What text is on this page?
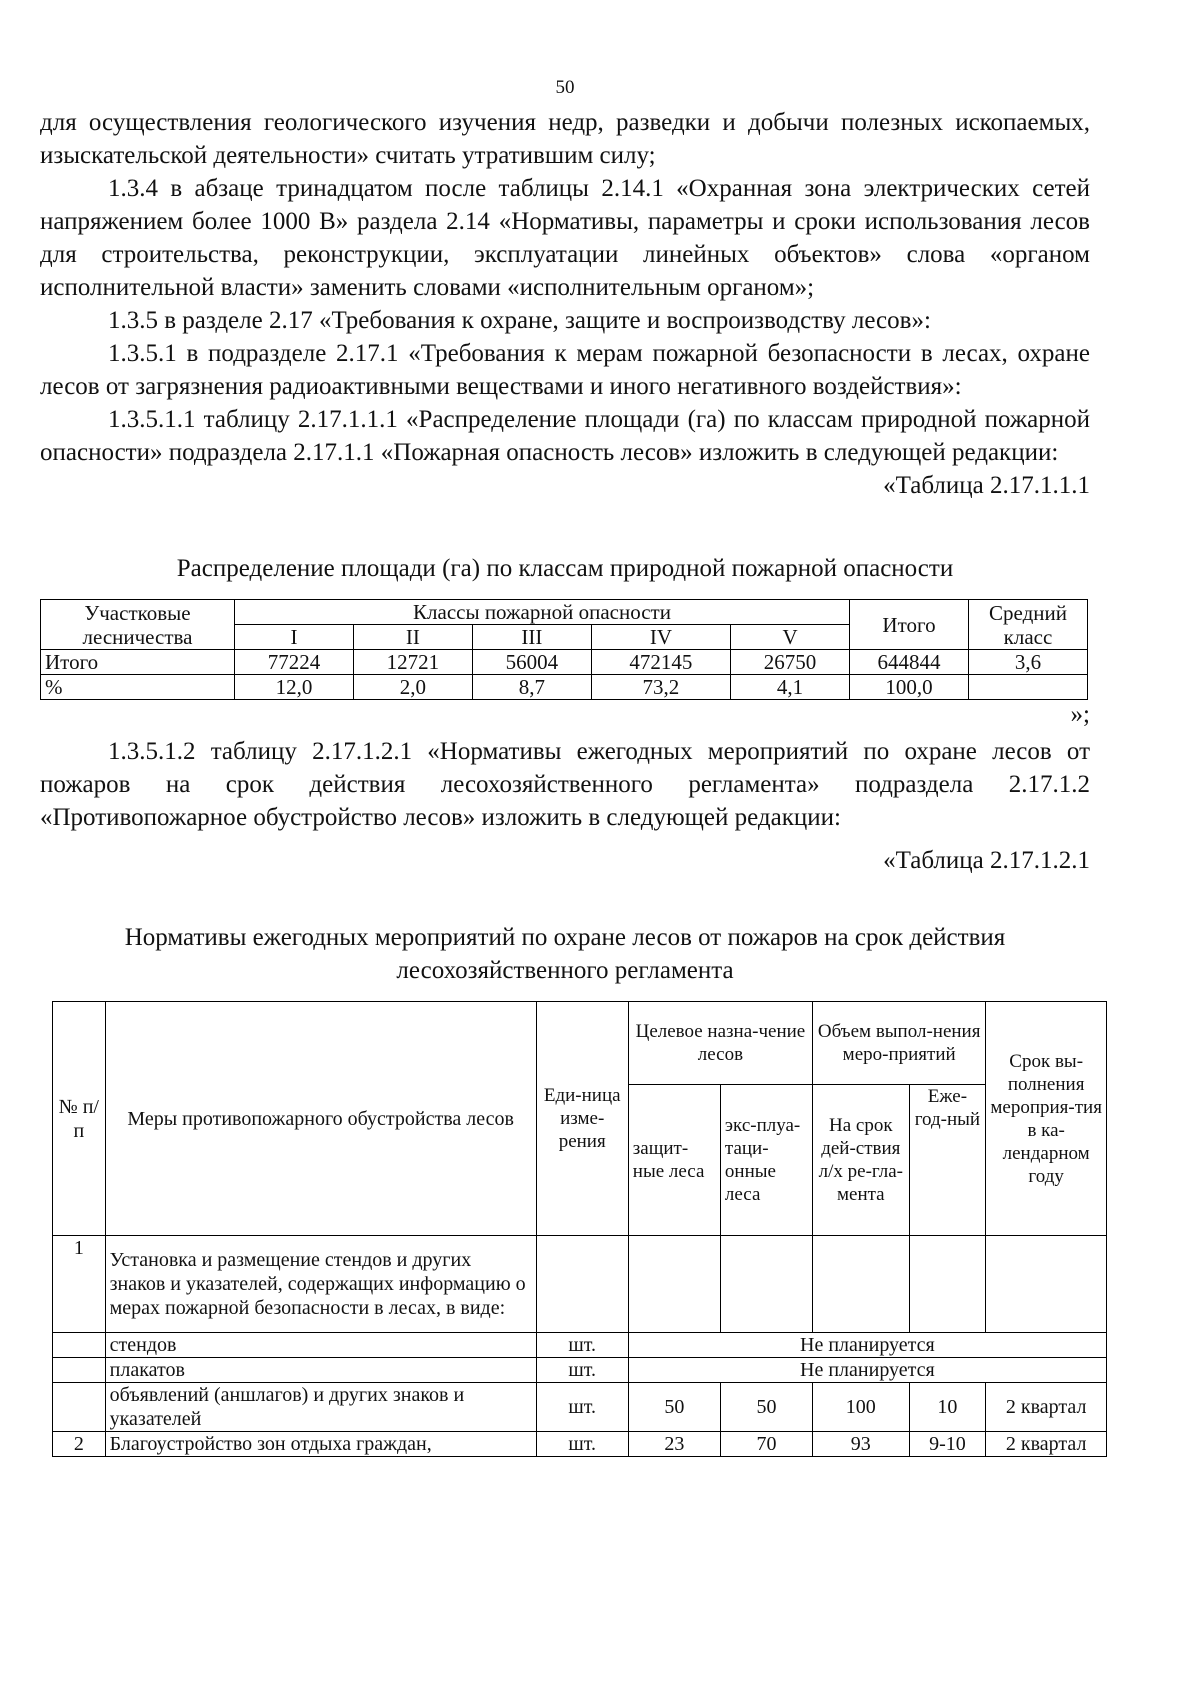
50

для осуществления геологического изучения недр, разведки и добычи полезных ископаемых, изыскательской деятельности» считать утратившим силу;

1.3.4 в абзаце тринадцатом после таблицы 2.14.1 «Охранная зона электрических сетей напряжением более 1000 В» раздела 2.14 «Нормативы, параметры и сроки использования лесов для строительства, реконструкции, эксплуатации линейных объектов» слова «органом исполнительной власти» заменить словами «исполнительным органом»;

1.3.5 в разделе 2.17 «Требования к охране, защите и воспроизводству лесов»:

1.3.5.1 в подразделе 2.17.1 «Требования к мерам пожарной безопасности в лесах, охране лесов от загрязнения радиоактивными веществами и иного негативного воздействия»:

1.3.5.1.1 таблицу 2.17.1.1.1 «Распределение площади (га) по классам природной пожарной опасности» подраздела 2.17.1.1 «Пожарная опасность лесов» изложить в следующей редакции:

«Таблица 2.17.1.1.1

Распределение площади (га) по классам природной пожарной опасности

Участковые лесничества	Классы пожарной опасности					Итого	Средний класс
	I	II	III	IV	V		
Итого	77224	12721	56004	472145	26750	644844	3,6
%	12,0	2,0	8,7	73,2	4,1	100,0	

»;

1.3.5.1.2 таблицу 2.17.1.2.1 «Нормативы ежегодных мероприятий по охране лесов от пожаров на срок действия лесохозяйственного регламента» подраздела 2.17.1.2 «Противопожарное обустройство лесов» изложить в следующей редакции:

«Таблица 2.17.1.2.1

Нормативы ежегодных мероприятий по охране лесов от пожаров на срок действия лесохозяйственного регламента

№ п/п	Меры противопожарного обустройства лесов	Еди-ница изме-рения	Целевое назна-чение лесов		Объем выпол-нения меро-приятий		Срок вы-полнения мероприя-тия в ка-лендарном году
			защит-ные леса	экс-плуа-таци-онные леса	На срок дей-ствия л/х ре-гла-мента	Еже-год-ный	
1	Установка и размещение стендов и других знаков и указателей, содержащих информацию о мерах пожарной безопасности в лесах, в виде:						
	стендов	шт.	Не планируется				
	плакатов	шт.	Не планируется				
	объявлений (аншлагов) и других знаков и указателей	шт.	50	50	100	10	2 квартал
2	Благоустройство зон отдыха граждан,	шт.	23	70	93	9-10	2 квартал
